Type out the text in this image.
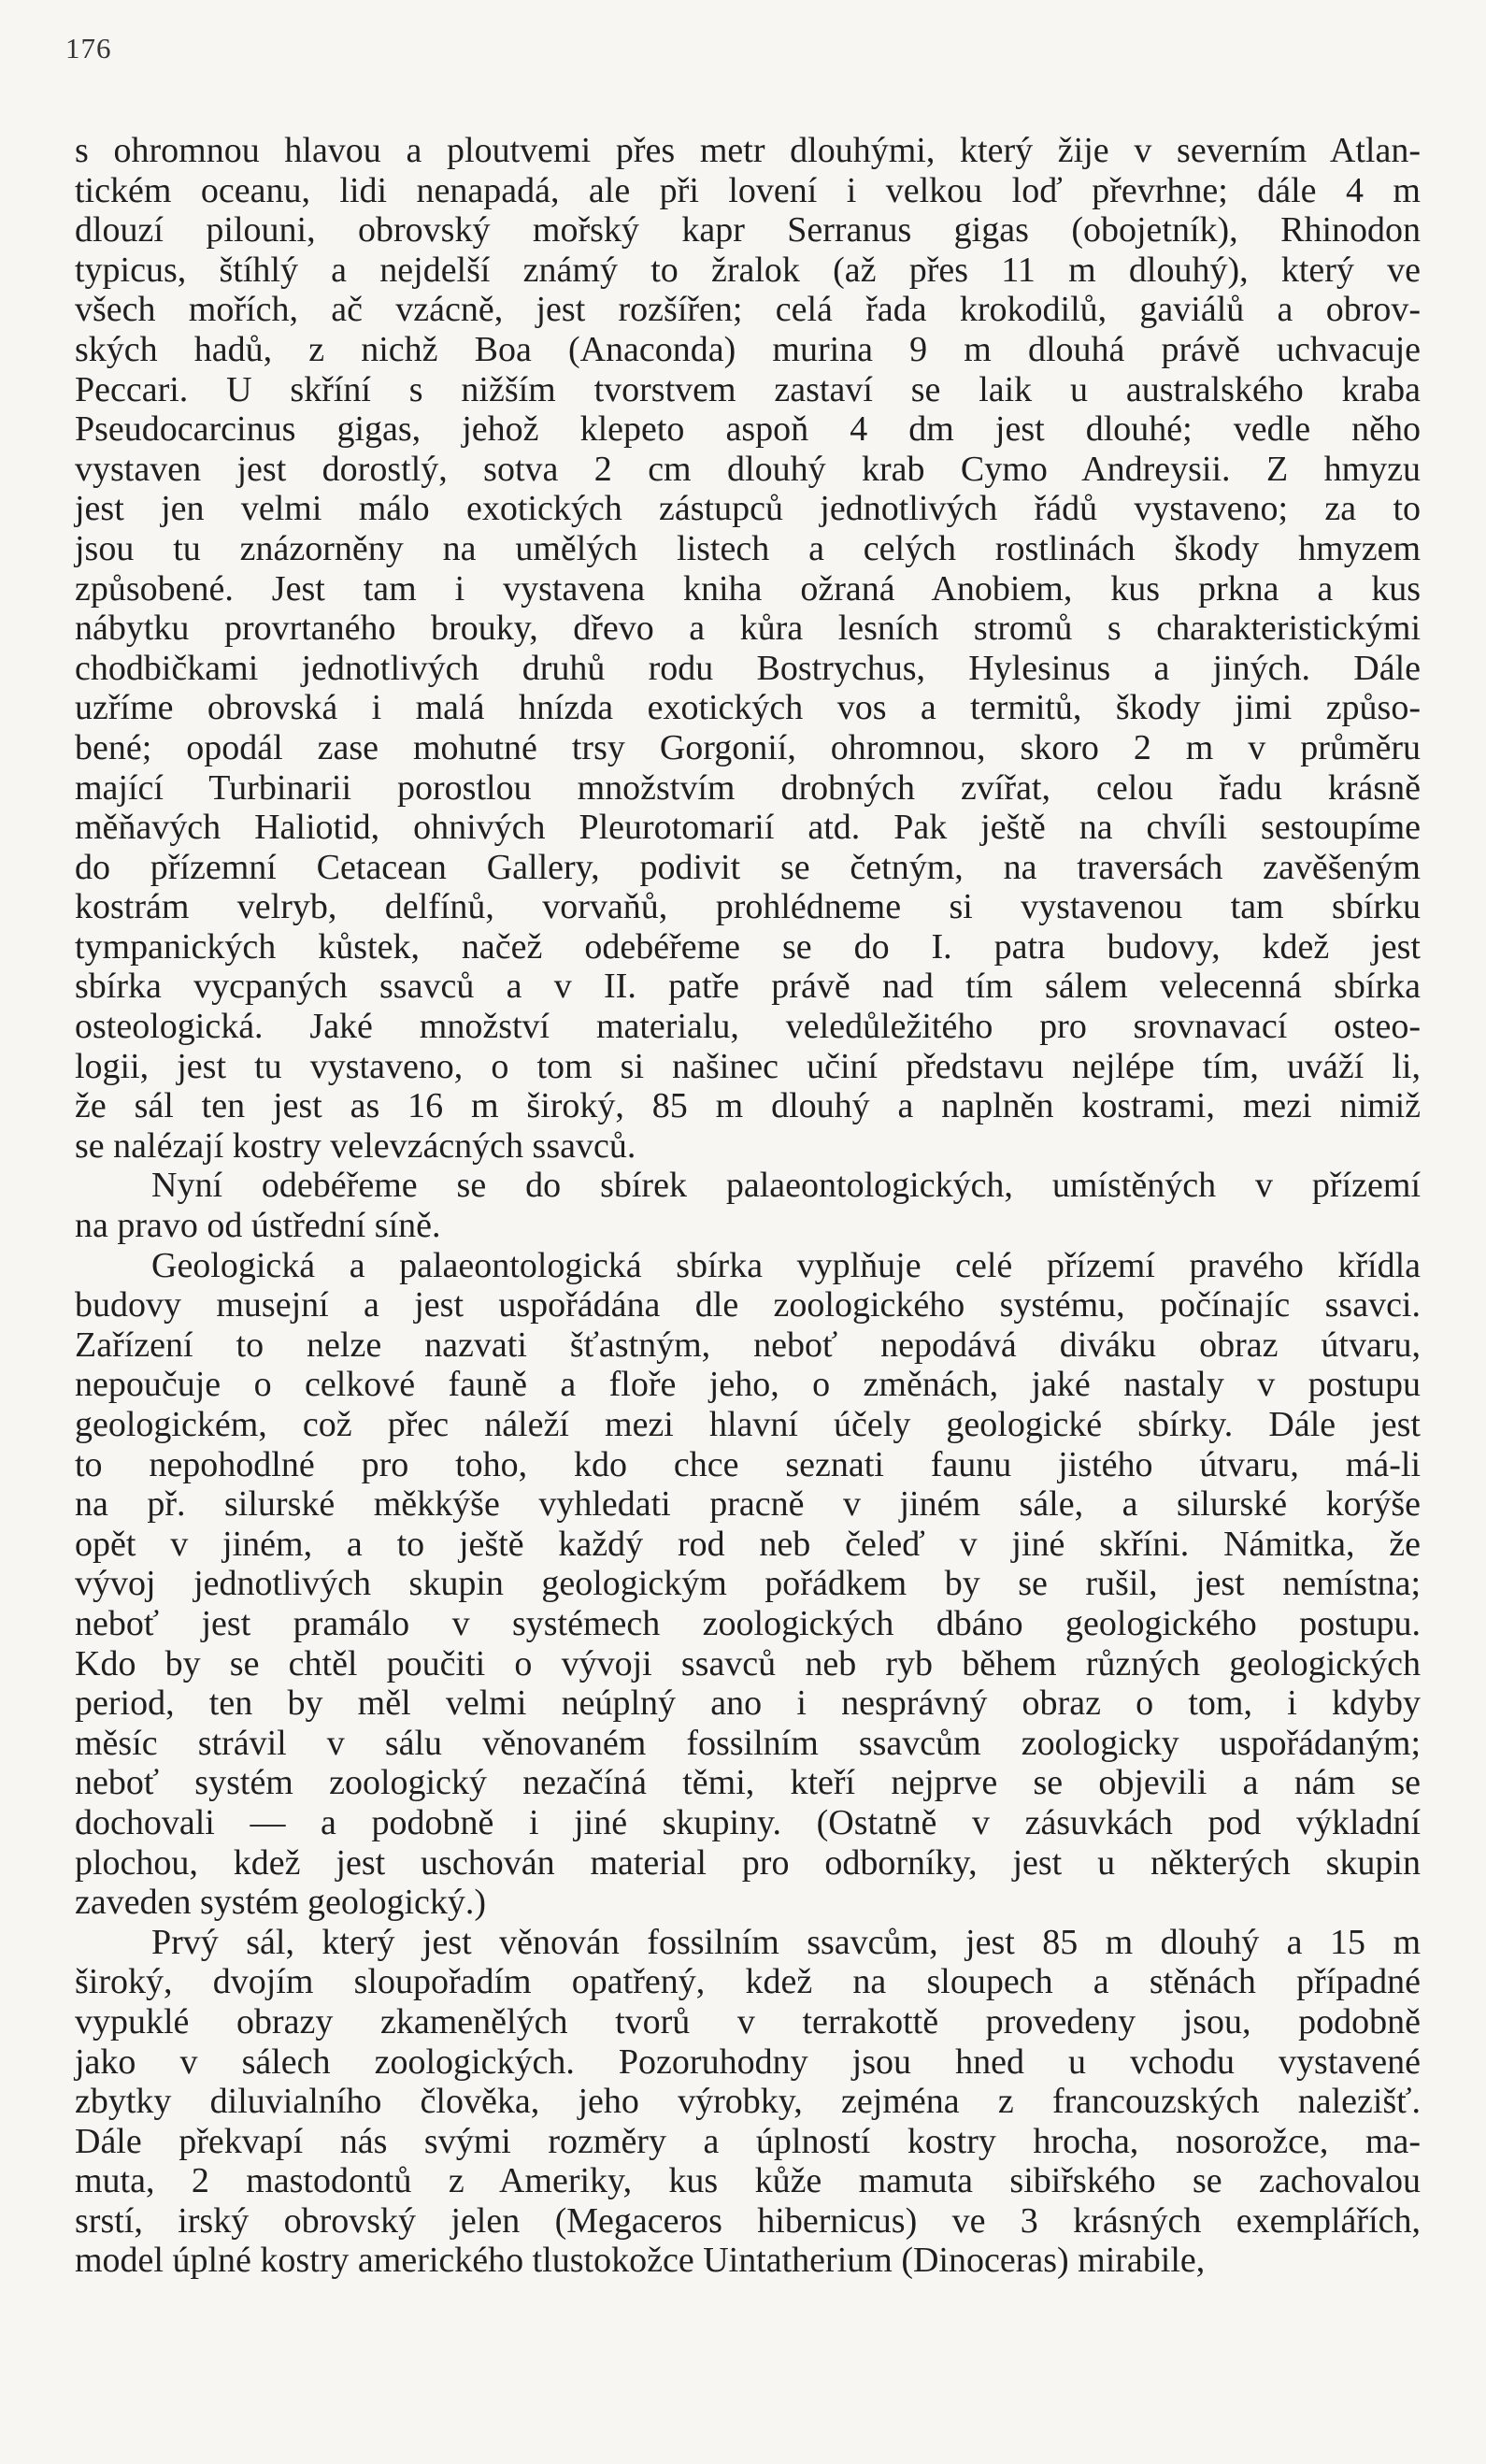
176
s ohromnou hlavou a ploutvemi přes metr dlouhými, který žije v severním Atlan-
tickém oceanu, lidi nenapadá, ale při lovení i velkou loď převrhne; dále 4 m
dlouzí pilouni, obrovský mořský kapr Serranus gigas (obojetník), Rhinodon
typicus, štíhlý a nejdelší známý to žralok (až přes 11 m dlouhý), který ve
všech mořích, ač vzácně, jest rozšířen; celá řada krokodilů, gaviálů a obrov-
ských hadů, z nichž Boa (Anaconda) murina 9 m dlouhá právě uchvacuje
Peccari. U skříní s nižším tvorstvem zastaví se laik u australského kraba
Pseudocarcinus gigas, jehož klepeto aspoň 4 dm jest dlouhé; vedle něho
vystaven jest dorostlý, sotva 2 cm dlouhý krab Cymo Andreysii. Z hmyzu
jest jen velmi málo exotických zástupců jednotlivých řádů vystaveno; za to
jsou tu znázorněny na umělých listech a celých rostlinách škody hmyzem
způsobené. Jest tam i vystavena kniha ožraná Anobiem, kus prkna a kus
nábytku provrtaného brouky, dřevo a kůra lesních stromů s charakteristickými
chodbičkami jednotlivých druhů rodu Bostrychus, Hylesinus a jiných. Dále
uzříme obrovská i malá hnízda exotických vos a termitů, škody jimi způso-
bené; opodál zase mohutné trsy Gorgonií, ohromnou, skoro 2 m v průměru
mající Turbinarii porostlou množstvím drobných zvířat, celou řadu krásně
měňavých Haliotid, ohnivých Pleurotomarií atd. Pak ještě na chvíli sestoupíme
do přízemní Cetacean Gallery, podivit se četným, na traversách zavěšeným
kostrám velryb, delfínů, vorvaňů, prohlédneme si vystavenou tam sbírku
tympanických kůstek, načež odebéřeme se do I. patra budovy, kdež jest
sbírka vycpaných ssavců a v II. patře právě nad tím sálem velecenná sbírka
osteologická. Jaké množství materialu, veledůležitého pro srovnavací osteo-
logii, jest tu vystaveno, o tom si našinec učiní představu nejlépe tím, uváží li,
že sál ten jest as 16 m široký, 85 m dlouhý a naplněn kostrami, mezi nimiž
se nalézají kostry velevzácných ssavců.
Nyní odebéřeme se do sbírek palaeontologických, umístěných v přízemí
na pravo od ústřední síně.
Geologická a palaeontologická sbírka vyplňuje celé přízemí pravého křídla
budovy musejní a jest uspořádána dle zoologického systému, počínajíc ssavci.
Zařízení to nelze nazvati šťastným, neboť nepodává diváku obraz útvaru,
nepoučuje o celkové fauně a floře jeho, o změnách, jaké nastaly v postupu
geologickém, což přec náleží mezi hlavní účely geologické sbírky. Dále jest
to nepohodlné pro toho, kdo chce seznati faunu jistého útvaru, má-li
na př. silurské měkkýše vyhledati pracně v jiném sále, a silurské korýše
opět v jiném, a to ještě každý rod neb čeleď v jiné skříni. Námitka, že
vývoj jednotlivých skupin geologickým pořádkem by se rušil, jest nemístna;
neboť jest pramálo v systémech zoologických dbáno geologického postupu.
Kdo by se chtěl poučiti o vývoji ssavců neb ryb během různých geologických
period, ten by měl velmi neúplný ano i nesprávný obraz o tom, i kdyby
měsíc strávil v sálu věnovaném fossilním ssavcům zoologicky uspořádaným;
neboť systém zoologický nezačíná těmi, kteří nejprve se objevili a nám se
dochovali — a podobně i jiné skupiny. (Ostatně v zásuvkách pod výkladní
plochou, kdež jest uschován material pro odborníky, jest u některých skupin
zaveden systém geologický.)
Prvý sál, který jest věnován fossilním ssavcům, jest 85 m dlouhý a 15 m
široký, dvojím sloupořadím opatřený, kdež na sloupech a stěnách případné
vypuklé obrazy zkamenělých tvorů v terrakottě provedeny jsou, podobně
jako v sálech zoologických. Pozoruhodny jsou hned u vchodu vystavené
zbytky diluvialního člověka, jeho výrobky, zejména z francouzských nalezišť.
Dále překvapí nás svými rozměry a úplností kostry hrocha, nosorožce, ma-
muta, 2 mastodontů z Ameriky, kus kůže mamuta sibiřského se zachovalou
srstí, irský obrovský jelen (Megaceros hibernicus) ve 3 krásných exemplářích,
model úplné kostry amerického tlustokožce Uintatherium (Dinoceras) mirabile,
